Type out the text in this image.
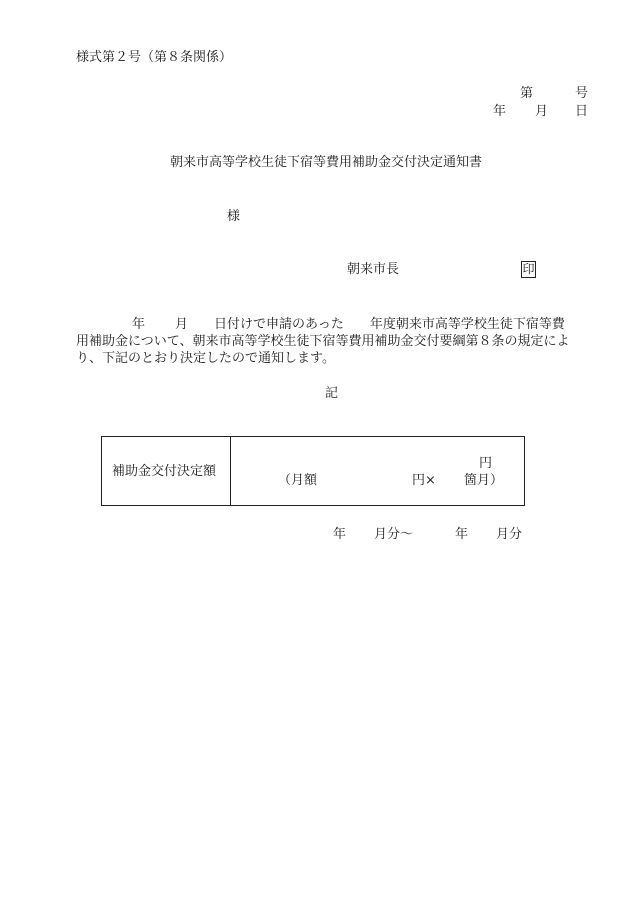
様式第２号（第８条関係）
第	号
年 月 日
朝来市高等学校生徒下宿等費用補助金交付決定通知書
様
朝来市長	印

年 月 日付けで申請のあった　　年度朝来市高等学校生徒下宿等費

用補助金について、朝来市高等学校生徒下宿等費用補助金交付要綱第８条の規定によ

り、下記のとおり決定したので通知します。

記
補助金交付決定額
円
（月額	円× 箇月）
年 月分～	年 月分
